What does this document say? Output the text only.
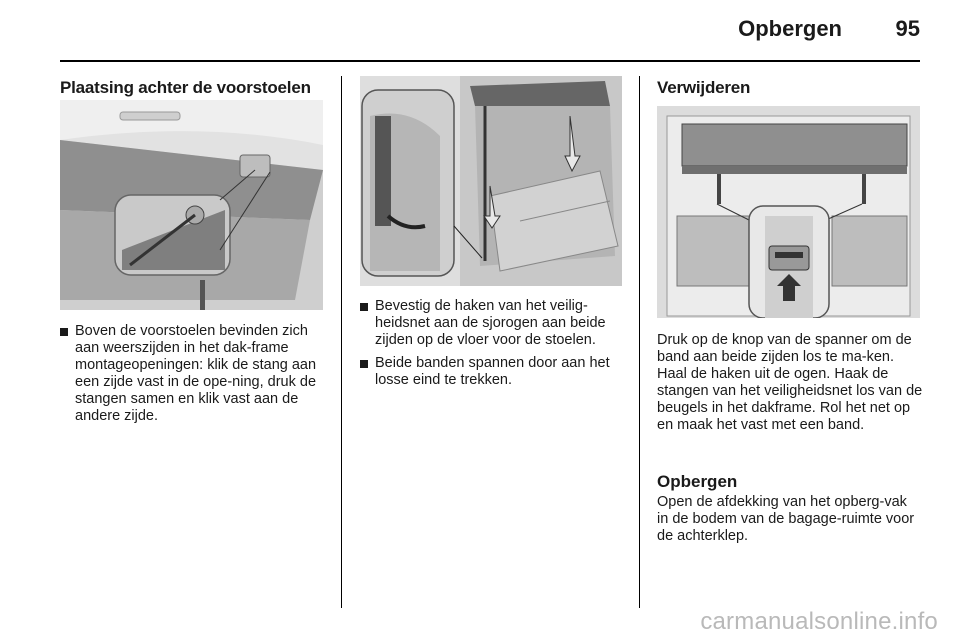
Opbergen 95
Plaatsing achter de voorstoelen
Boven de voorstoelen bevinden zich aan weerszijden in het dak-frame montageopeningen: klik de stang aan een zijde vast in de ope-ning, druk de stangen samen en klik vast aan de andere zijde.
Bevestig de haken van het veilig-heidsnet aan de sjorogen aan beide zijden op de vloer voor de stoelen.
Beide banden spannen door aan het losse eind te trekken.
Verwijderen

Druk op de knop van de spanner om de band aan beide zijden los te ma-ken. Haal de haken uit de ogen. Haak de stangen van het veiligheidsnet los van de beugels in het dakframe. Rol het net op en maak het vast met een band.

Opbergen

Open de afdekking van het opberg-vak in de bodem van de bagage-ruimte voor de achterklep.

carmanualsonline.info
